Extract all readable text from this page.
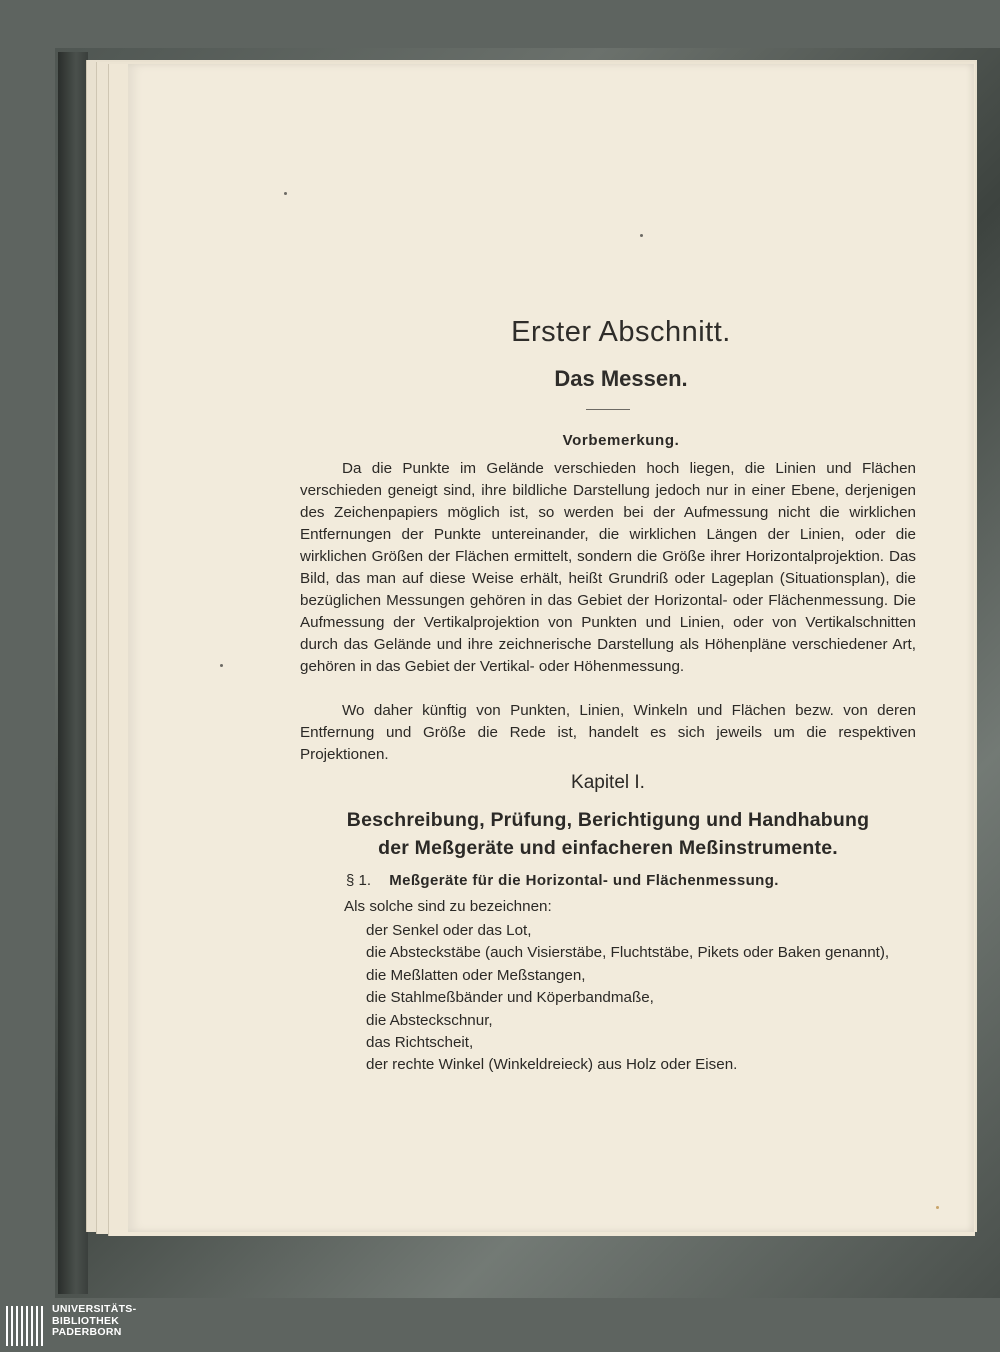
Erster Abschnitt.
Das Messen.
Vorbemerkung.

Da die Punkte im Gelände verschieden hoch liegen, die Linien und Flächen verschieden geneigt sind, ihre bildliche Darstellung jedoch nur in einer Ebene, derjenigen des Zeichenpapiers möglich ist, so werden bei der Aufmessung nicht die wirklichen Entfernungen der Punkte untereinander, die wirklichen Längen der Linien, oder die wirklichen Größen der Flächen ermittelt, sondern die Größe ihrer Horizontalprojektion. Das Bild, das man auf diese Weise erhält, heißt Grundriß oder Lageplan (Situationsplan), die bezüglichen Messungen gehören in das Gebiet der Horizontal- oder Flächenmessung. Die Aufmessung der Vertikalprojektion von Punkten und Linien, oder von Vertikalschnitten durch das Gelände und ihre zeichnerische Darstellung als Höhenpläne verschiedener Art, gehören in das Gebiet der Vertikal- oder Höhenmessung.

Wo daher künftig von Punkten, Linien, Winkeln und Flächen bezw. von deren Entfernung und Größe die Rede ist, handelt es sich jeweils um die respektiven Projektionen.

Kapitel I.
Beschreibung, Prüfung, Berichtigung und Handhabung
der Meßgeräte und einfacheren Meßinstrumente.
§ 1. Meßgeräte für die Horizontal- und Flächenmessung.
Als solche sind zu bezeichnen:
der Senkel oder das Lot,
die Absteckstäbe (auch Visierstäbe, Fluchtstäbe, Pikets oder Baken genannt),
die Meßlatten oder Meßstangen,
die Stahlmeßbänder und Köperbandmaße,
die Absteckschnur,
das Richtscheit,
der rechte Winkel (Winkeldreieck) aus Holz oder Eisen.
UNIVERSITÄTS-
BIBLIOTHEK
PADERBORN
